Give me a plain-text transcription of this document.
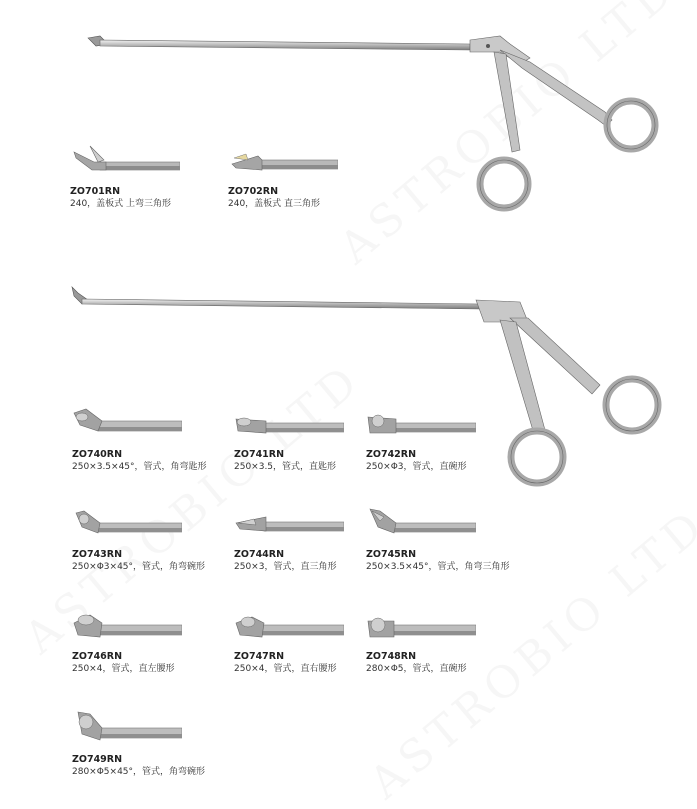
ZO701RN
240，盖板式 上弯三角形
ZO702RN
240，盖板式 直三角形
ZO740RN
250×3.5×45°，管式，角弯匙形
ZO741RN
250×3.5，管式，直匙形
ZO742RN
250×Φ3，管式，直碗形
ZO743RN
250×Φ3×45°，管式，角弯碗形
ZO744RN
250×3，管式，直三角形
ZO745RN
250×3.5×45°，管式，角弯三角形
ZO746RN
250×4，管式，直左腰形
ZO747RN
250×4，管式，直右腰形
ZO748RN
280×Φ5，管式，直碗形
ZO749RN
280×Φ5×45°，管式，角弯碗形
